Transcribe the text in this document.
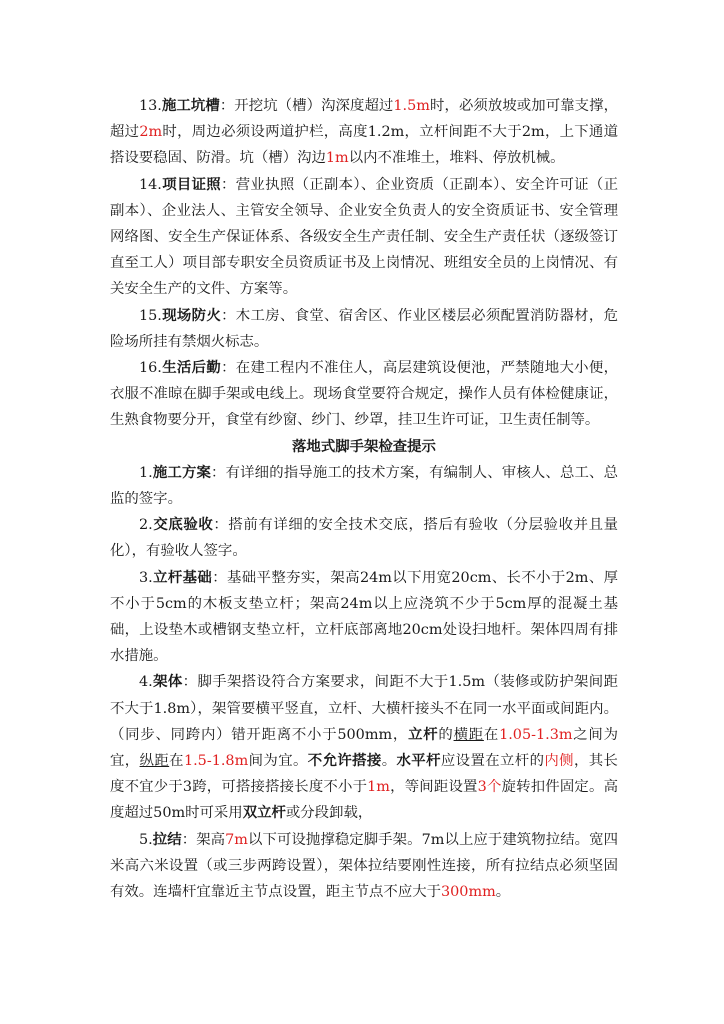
13.施工坑槽：开挖坑（槽）沟深度超过1.5m时，必须放坡或加可靠支撑，超过2m时，周边必须设两道护栏，高度1.2m，立杆间距不大于2m，上下通道搭设要稳固、防滑。坑（槽）沟边1m以内不准堆土，堆料、停放机械。

14.项目证照：营业执照（正副本）、企业资质（正副本）、安全许可证（正副本）、企业法人、主管安全领导、企业安全负责人的安全资质证书、安全管理网络图、安全生产保证体系、各级安全生产责任制、安全生产责任状（逐级签订直至工人）项目部专职安全员资质证书及上岗情况、班组安全员的上岗情况、有关安全生产的文件、方案等。

15.现场防火：木工房、食堂、宿舍区、作业区楼层必须配置消防器材，危险场所挂有禁烟火标志。

16.生活后勤：在建工程内不准住人，高层建筑设便池，严禁随地大小便，衣服不准晾在脚手架或电线上。现场食堂要符合规定，操作人员有体检健康证，生熟食物要分开，食堂有纱窗、纱门、纱罩，挂卫生许可证，卫生责任制等。

落地式脚手架检查提示

1.施工方案：有详细的指导施工的技术方案，有编制人、审核人、总工、总监的签字。

2.交底验收：搭前有详细的安全技术交底，搭后有验收（分层验收并且量化），有验收人签字。

3.立杆基础：基础平整夯实，架高24m以下用宽20cm、长不小于2m、厚不小于5cm的木板支垫立杆；架高24m以上应浇筑不少于5cm厚的混凝土基础，上设垫木或槽钢支垫立杆，立杆底部离地20cm处设扫地杆。架体四周有排水措施。

4.架体：脚手架搭设符合方案要求，间距不大于1.5m（装修或防护架间距不大于1.8m），架管要横平竖直，立杆、大横杆接头不在同一水平面或间距内。（同步、同跨内）错开距离不小于500mm，立杆的横距在1.05-1.3m之间为宜，纵距在1.5-1.8m间为宜。不允许搭接。水平杆应设置在立杆的内侧，其长度不宜少于3跨，可搭接搭接长度不小于1m，等间距设置3个旋转扣件固定。高度超过50m时可采用双立杆或分段卸载，

5.拉结：架高7m以下可设抛撑稳定脚手架。7m以上应于建筑物拉结。宽四米高六米设置（或三步两跨设置），架体拉结要刚性连接，所有拉结点必须坚固有效。连墙杆宜靠近主节点设置，距主节点不应大于300mm。
